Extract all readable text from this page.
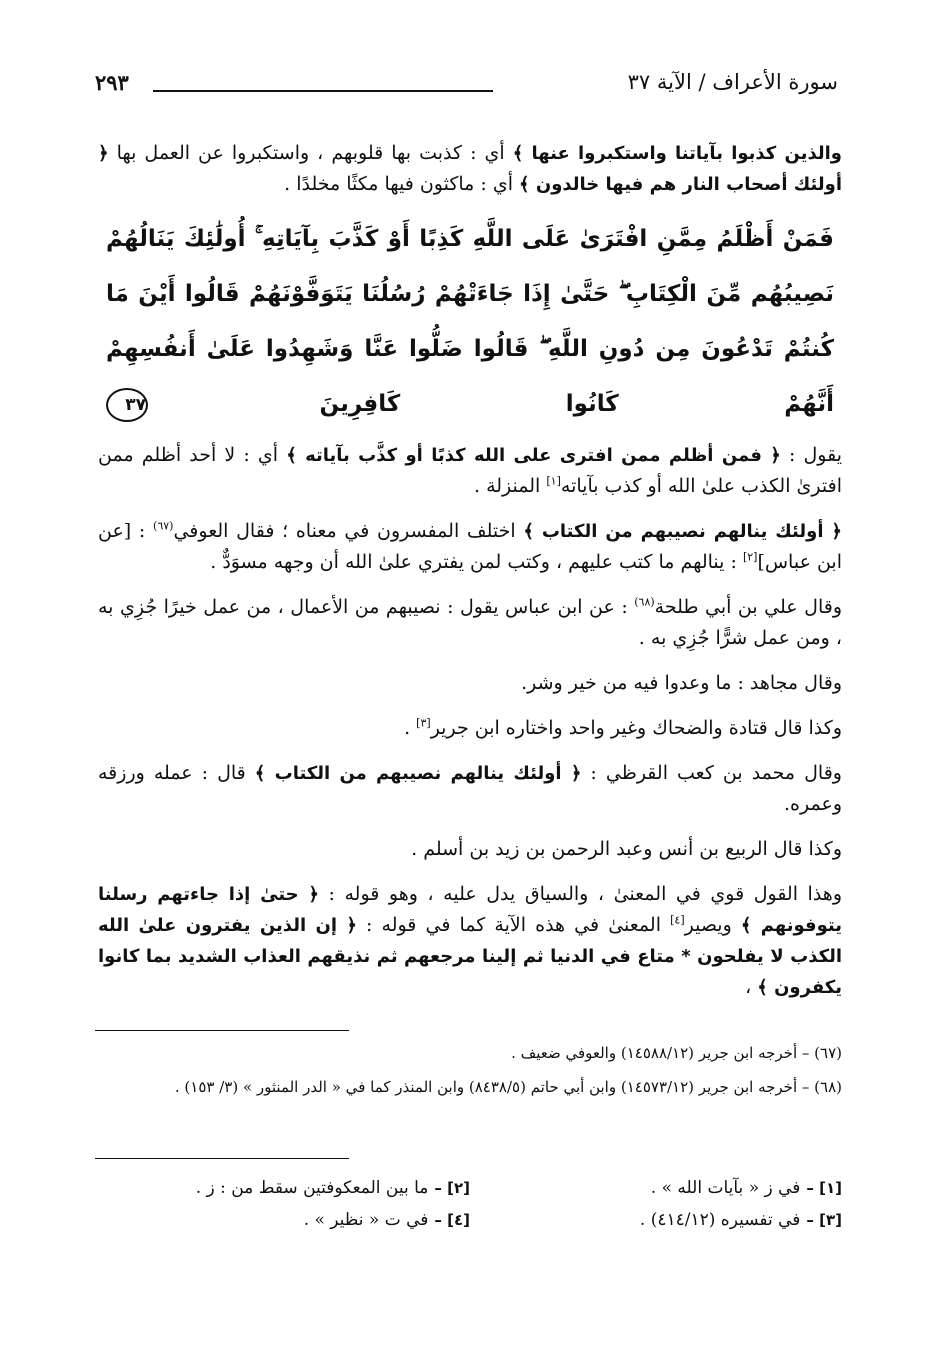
سورة الأعراف / الآية ٣٧
٢٩٣

والذين كذبوا بآياتنا واستكبروا عنها ﴾ أي : كذبت بها قلوبهم ، واستكبروا عن العمل بها ﴿ أولئك أصحاب النار هم فيها خالدون ﴾ أي : ماكثون فيها مكثًا مخلدًا .

فَمَنْ أَظْلَمُ مِمَّنِ افْتَرَىٰ عَلَى اللَّهِ كَذِبًا أَوْ كَذَّبَ بِآيَاتِهِ ۚ أُولَٰئِكَ يَنَالُهُمْ نَصِيبُهُم مِّنَ الْكِتَابِ ۖ حَتَّىٰ إِذَا جَاءَتْهُمْ رُسُلُنَا يَتَوَفَّوْنَهُمْ قَالُوا أَيْنَ مَا كُنتُمْ تَدْعُونَ مِن دُونِ اللَّهِ ۖ قَالُوا ضَلُّوا عَنَّا وَشَهِدُوا عَلَىٰ أَنفُسِهِمْ أَنَّهُمْ كَانُوا كَافِرِينَ ٣٧

يقول : ﴿ فمن أظلم ممن افترى على الله كذبًا أو كذَّب بآياته ﴾ أي : لا أحد أظلم ممن افترىٰ الكذب علىٰ الله أو كذب بآياته[١] المنزلة .

﴿ أولئك ينالهم نصيبهم من الكتاب ﴾ اختلف المفسرون في معناه ؛ فقال العوفي$^{(٦٧)}$ : [عن ابن عباس][٢] : ينالهم ما كتب عليهم ، وكتب لمن يفتري علىٰ الله أن وجهه مسوَدٌّ .

وقال علي بن أبي طلحة$^{(٦٨)}$ : عن ابن عباس يقول : نصيبهم من الأعمال ، من عمل خيرًا جُزِي به ، ومن عمل شرًّا جُزِي به .

وقال مجاهد : ما وعدوا فيه من خير وشر.

وكذا قال قتادة والضحاك وغير واحد واختاره ابن جرير[٣] .

وقال محمد بن كعب القرظي : ﴿ أولئك ينالهم نصيبهم من الكتاب ﴾ قال : عمله ورزقه وعمره.

وكذا قال الربيع بن أنس وعبد الرحمن بن زيد بن أسلم .

وهذا القول قوي في المعنىٰ ، والسياق يدل عليه ، وهو قوله : ﴿ حتىٰ إذا جاءتهم رسلنا يتوفونهم ﴾ ويصير[٤] المعنىٰ في هذه الآية كما في قوله : ﴿ إن الذين يفترون علىٰ الله الكذب لا يفلحون * متاع في الدنيا ثم إلينا مرجعهم ثم نذيقهم العذاب الشديد بما كانوا يكفرون ﴾ ،

(٦٧) – أخرجه ابن جرير (١٤٥٨٨/١٢) والعوفي ضعيف .

(٦٨) – أخرجه ابن جرير (١٤٥٧٣/١٢) وابن أبي حاتم (٨٤٣٨/٥) وابن المنذر كما في « الدر المنثور » (٣/ ١٥٣) .

[١] –في ز « بآيات الله » .
[٢] –ما بين المعكوفتين سقط من : ز .
[٣] –في تفسيره (٤١٤/١٢) .
[٤] –في ت « نظير » .
